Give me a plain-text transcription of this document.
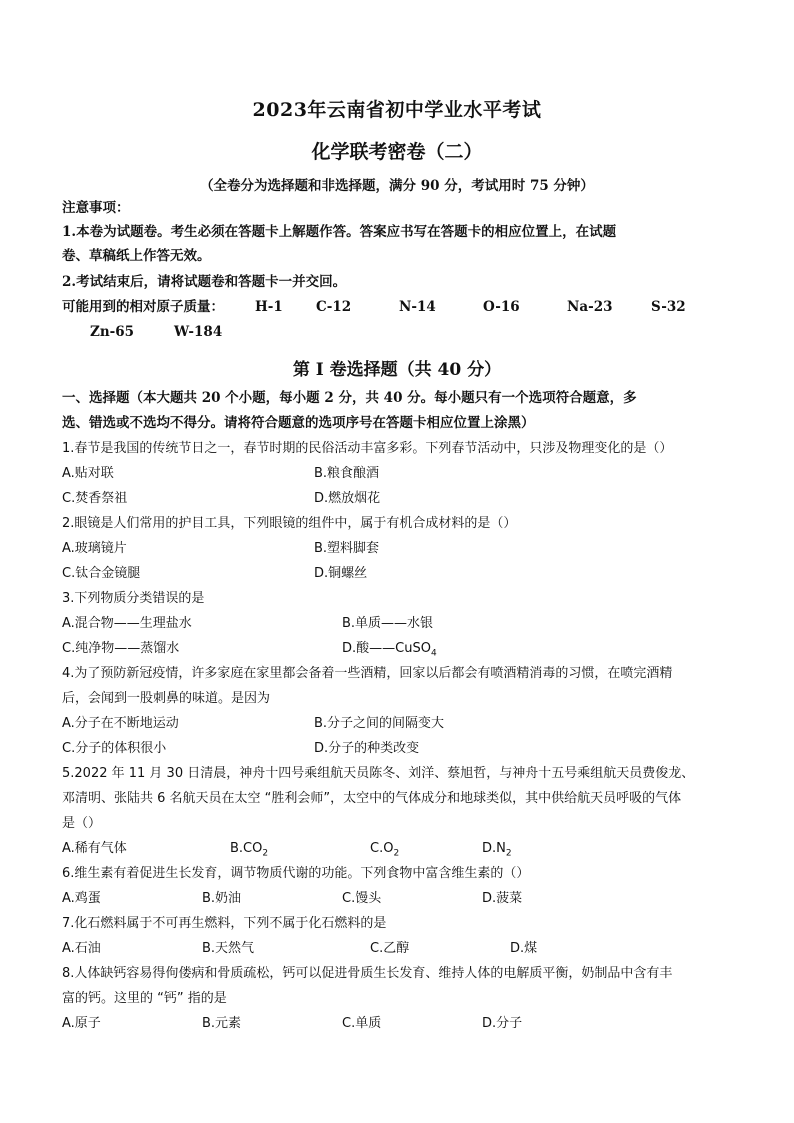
2023年云南省初中学业水平考试
化学联考密卷（二）
（全卷分为选择题和非选择题，满分 90 分，考试用时 75 分钟）
注意事项：
1.本卷为试题卷。考生必须在答题卡上解题作答。答案应书写在答题卡的相应位置上，在试题
卷、草稿纸上作答无效。
2.考试结束后，请将试题卷和答题卡一并交回。
可能用到的相对原子质量： H-1 C-12	N-14	O-16	Na-23	S-32
Zn-65	W-184
第 I 卷选择题（共 40 分）
一、选择题（本大题共 20 个小题，每小题 2 分，共 40 分。每小题只有一个选项符合题意，多
选、错选或不选均不得分。请将符合题意的选项序号在答题卡相应位置上涂黑）
1.春节是我国的传统节日之一，春节时期的民俗活动丰富多彩。下列春节活动中，只涉及物理变化的是（）
A.贴对联	B.粮食酿酒
C.焚香祭祖	D.燃放烟花
2.眼镜是人们常用的护目工具，下列眼镜的组件中，属于有机合成材料的是（）
A.玻璃镜片	B.塑料脚套
C.钛合金镜腿	D.铜螺丝
3.下列物质分类错误的是
A.混合物——生理盐水	B.单质——水银
C.纯净物——蒸馏水	D.酸——CuSO$_4$
4.为了预防新冠疫情，许多家庭在家里都会备着一些酒精，回家以后都会有喷酒精消毒的习惯，在喷完酒精
后，会闻到一股刺鼻的味道。是因为
A.分子在不断地运动	B.分子之间的间隔变大
C.分子的体积很小	D.分子的种类改变
5.2022 年 11 月 30 日清晨，神舟十四号乘组航天员陈冬、刘洋、蔡旭哲，与神舟十五号乘组航天员费俊龙、
邓清明、张陆共 6 名航天员在太空 “胜利会师”，太空中的气体成分和地球类似，其中供给航天员呼吸的气体
是（）
A.稀有气体	$B.CO_2$	$C.O_2$	$D.N_2$
6.维生素有着促进生长发育，调节物质代谢的功能。下列食物中富含维生素的（）
A.鸡蛋	B.奶油	C.馒头	D.菠菜
7.化石燃料属于不可再生燃料，下列不属于化石燃料的是
A.石油	B.天然气	C.乙醇	D.煤
8.人体缺钙容易得佝偻病和骨质疏松，钙可以促进骨质生长发育、维持人体的电解质平衡，奶制品中含有丰
富的钙。这里的 “钙” 指的是
A.原子	B.元素	C.单质	D.分子
